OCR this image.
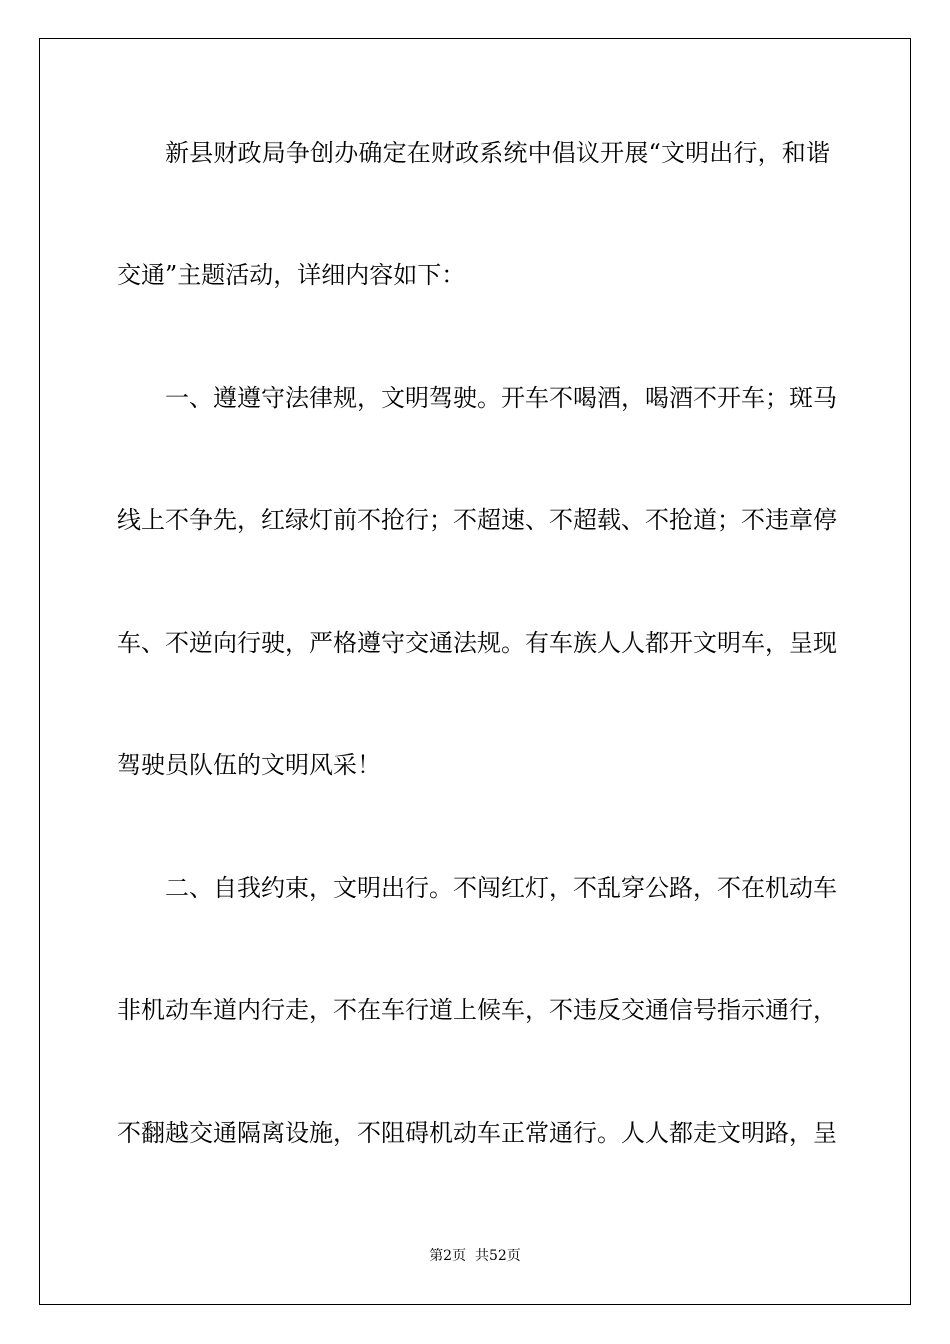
新县财政局争创办确定在财政系统中倡议开展“文明出行，和谐
交通”主题活动，详细内容如下：
一、遵遵守法律规，文明驾驶。开车不喝酒，喝酒不开车；斑马
线上不争先，红绿灯前不抢行；不超速、不超载、不抢道；不违章停
车、不逆向行驶，严格遵守交通法规。有车族人人都开文明车，呈现
驾驶员队伍的文明风采！
二、自我约束，文明出行。不闯红灯，不乱穿公路，不在机动车
非机动车道内行走，不在车行道上候车，不违反交通信号指示通行，
不翻越交通隔离设施，不阻碍机动车正常通行。人人都走文明路，呈
第2页  共52页
